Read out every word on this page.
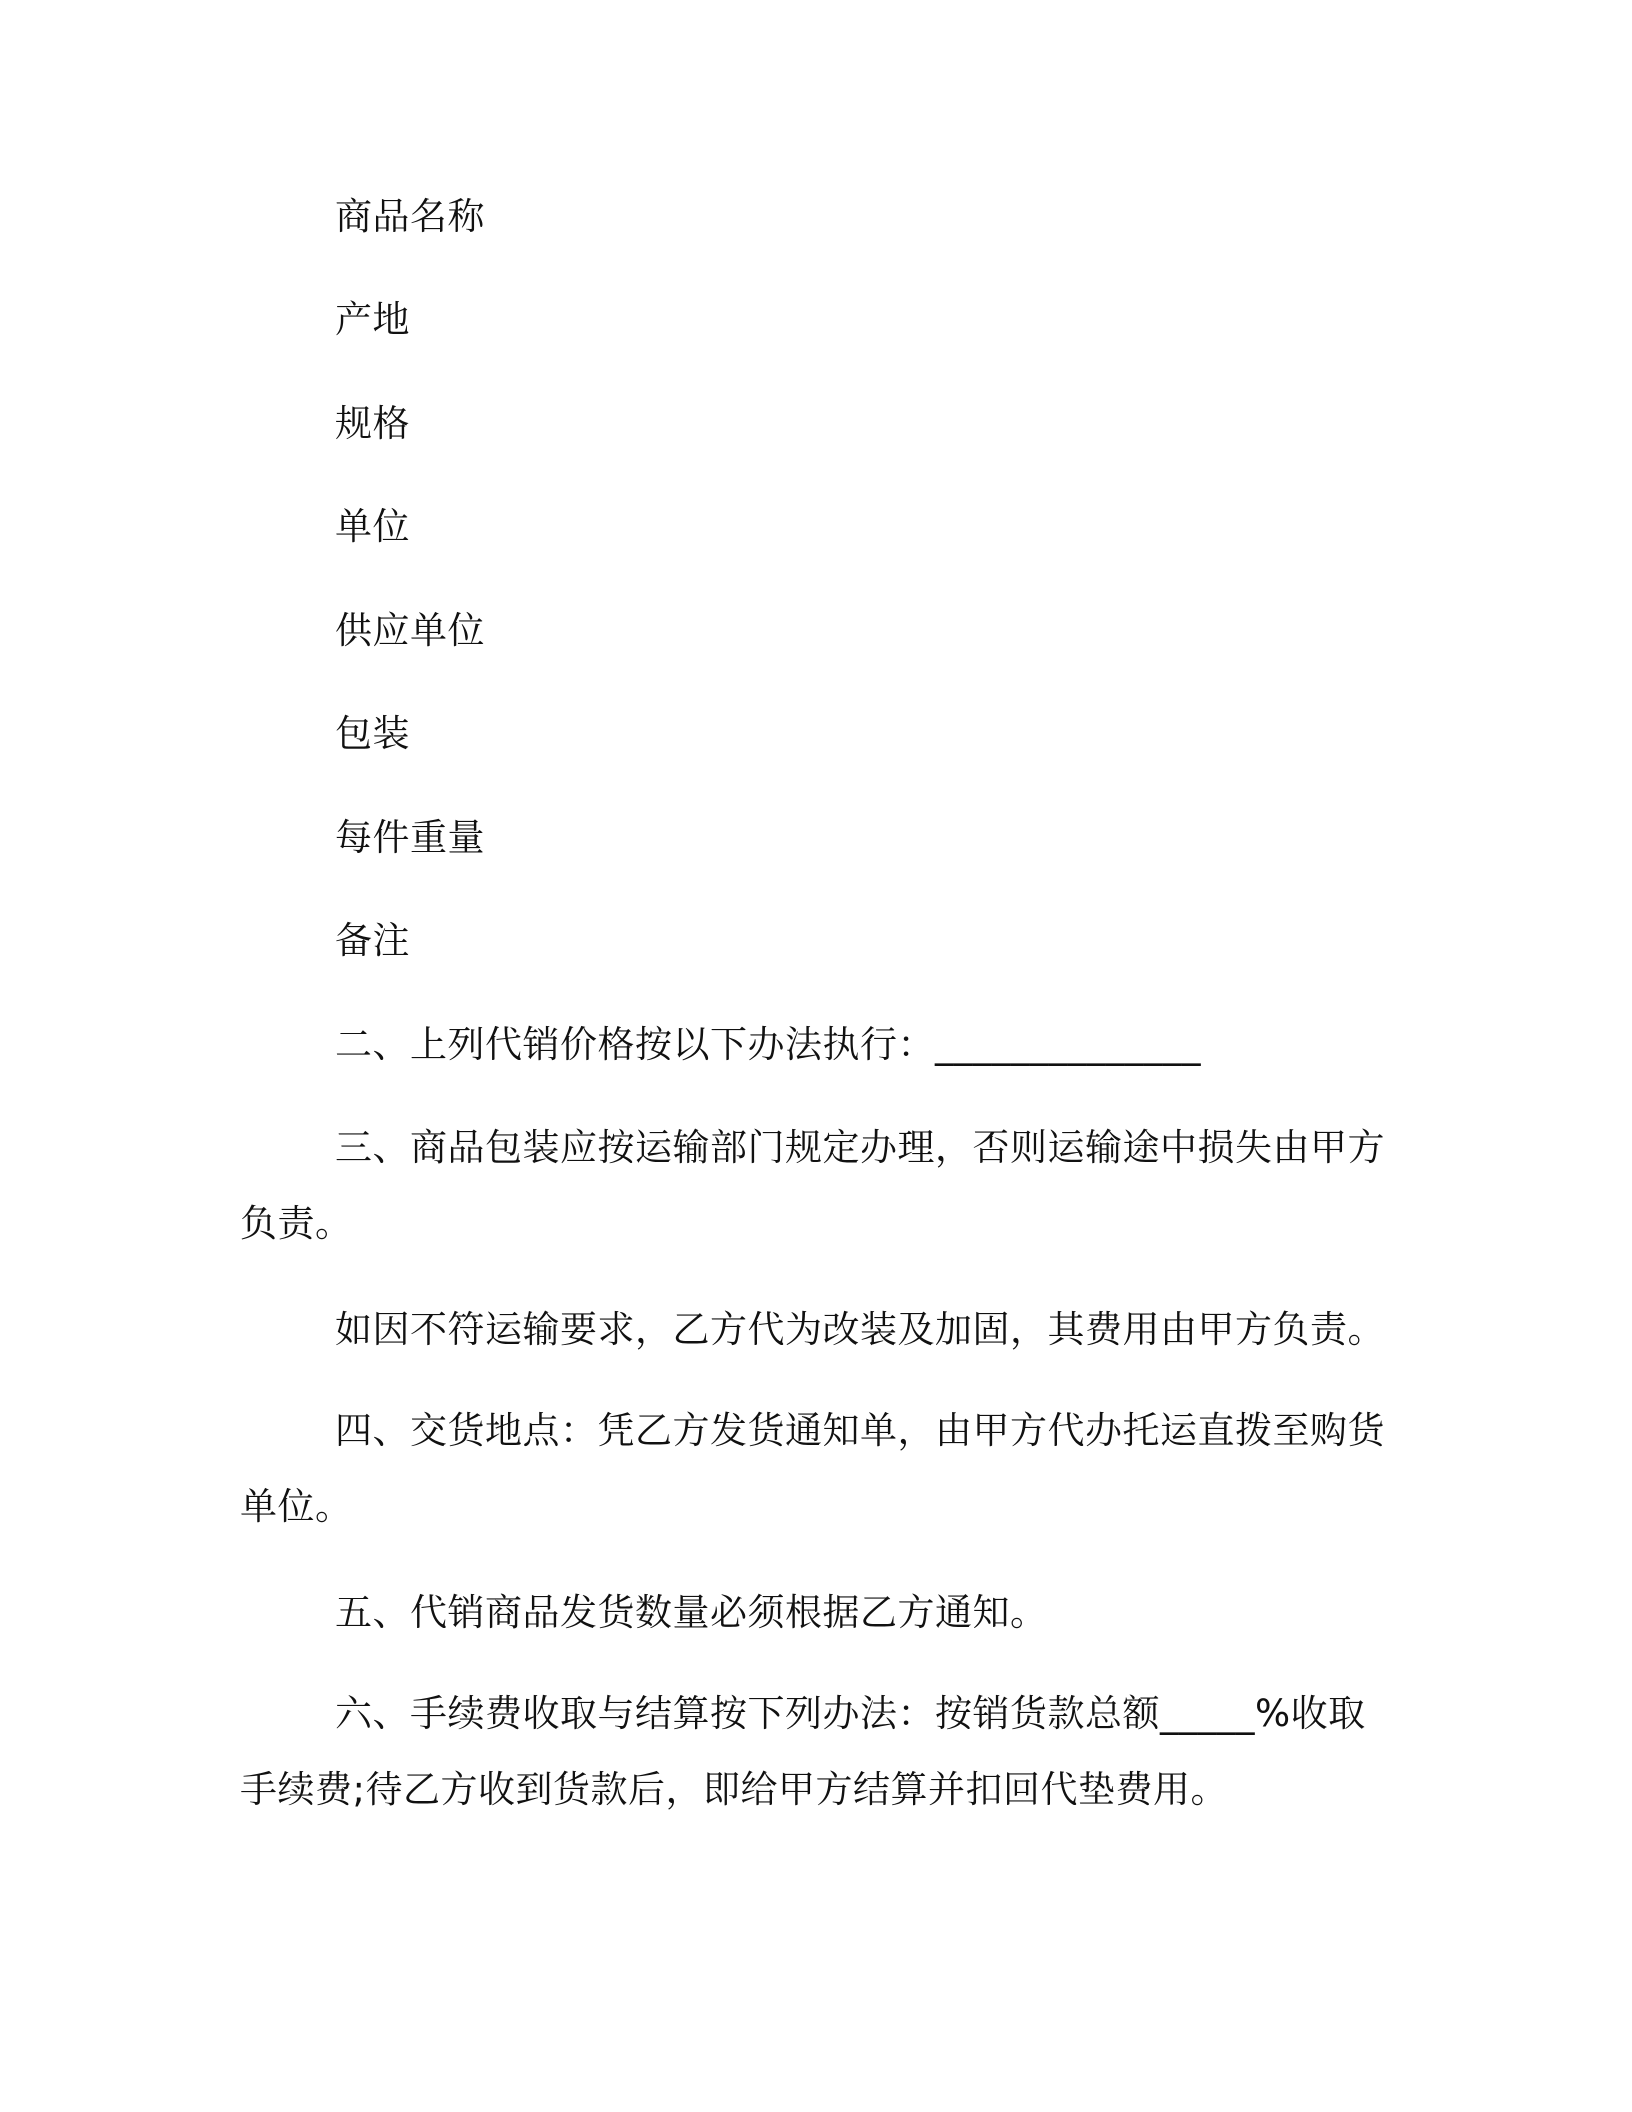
商品名称
产地
规格
单位
供应单位
包装
每件重量
备注
二、上列代销价格按以下办法执行：______________
三、商品包装应按运输部门规定办理，否则运输途中损失由甲方
负责。
如因不符运输要求，乙方代为改装及加固，其费用由甲方负责。
四、交货地点：凭乙方发货通知单，由甲方代办托运直拨至购货
单位。
五、代销商品发货数量必须根据乙方通知。
六、手续费收取与结算按下列办法：按销货款总额_____%收取
手续费;待乙方收到货款后，即给甲方结算并扣回代垫费用。
